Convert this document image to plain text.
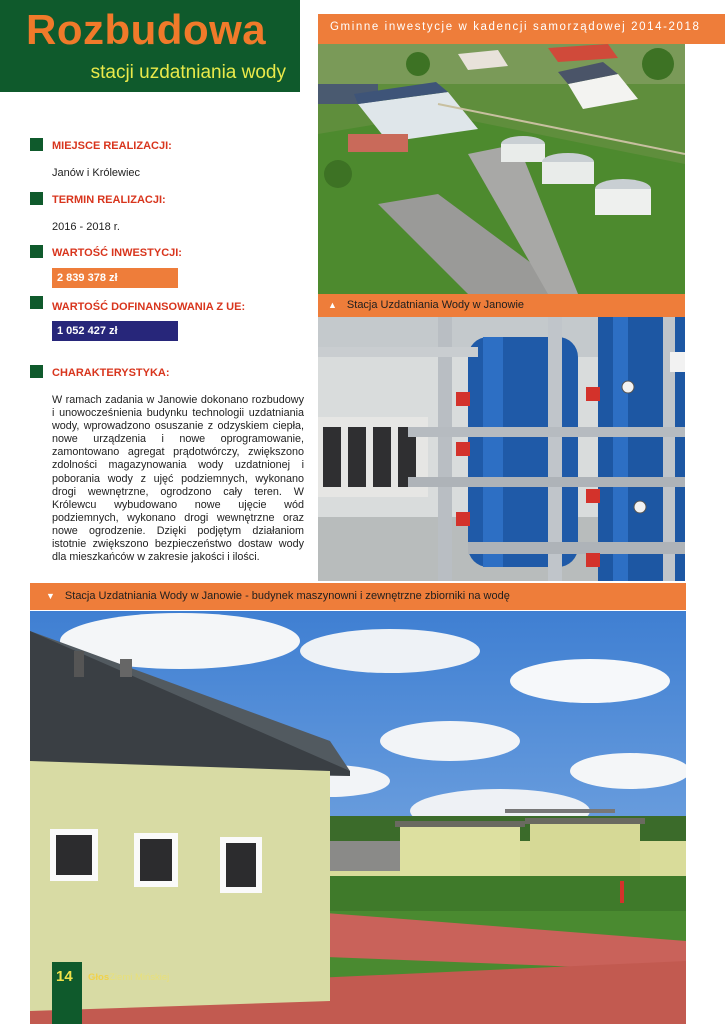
Rozbudowa
stacji uzdatniania wody
Gminne inwestycje w kadencji samorządowej 2014-2018
▲ Stacja Uzdatniania Wody w Janowie
MIEJSCE REALIZACJI:
Janów i Królewiec
TERMIN REALIZACJI:
2016 - 2018 r.
WARTOŚĆ INWESTYCJI:
2 839 378 zł
WARTOŚĆ DOFINANSOWANIA Z UE:
1 052 427 zł
CHARAKTERYSTYKA:
W ramach zadania w Janowie dokonano rozbudowy i unowocześnienia budynku technologii uzdatniania wody, wprowadzono osuszanie z odzyskiem ciepła, nowe urządzenia i nowe oprogramowanie, zamontowano agregat prądotwórczy, zwiększono zdolności magazynowania wody uzdatnionej i poborania wody z ujęć podziemnych, wykonano drogi wewnętrzne, ogrodzono cały teren. W Królewcu wybudowano nowe ujęcie wód podziemnych, wykonano drogi wewnętrzne oraz nowe ogrodzenie. Dzięki podjętym działaniom istotnie zwiększono bezpieczeństwo dostaw wody dla mieszkańców w zakresie jakości i ilości.
▼ Stacja Uzdatniania Wody w Janowie - budynek maszynowni i zewnętrzne zbiorniki na wodę
14 GłosZiemi Mińskiej
